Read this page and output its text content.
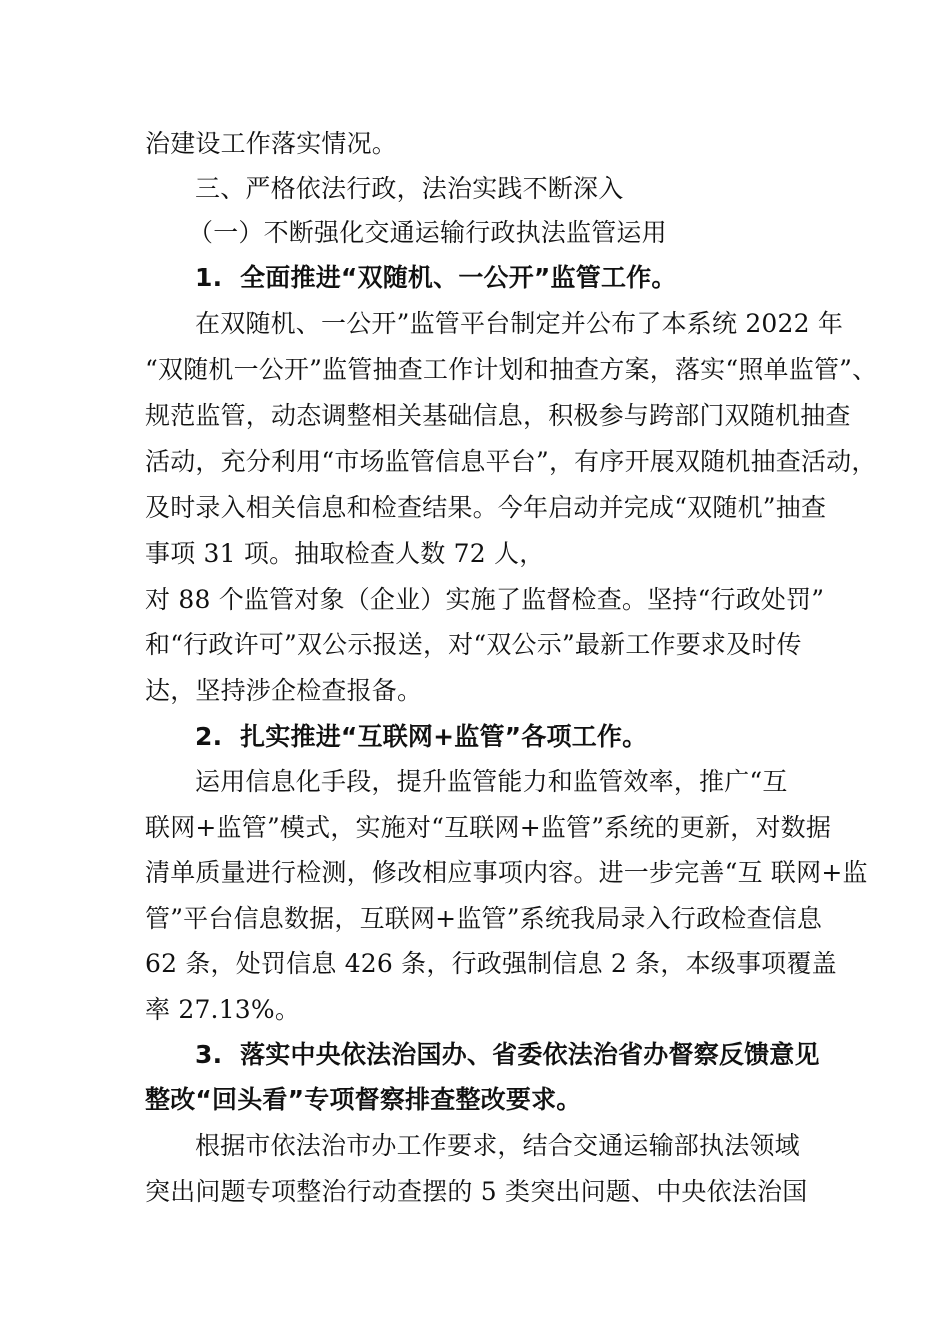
治建设工作落实情况。
三、严格依法行政，法治实践不断深入
（一）不断强化交通运输行政执法监管运用
1.  全面推进“双随机、一公开”监管工作。
在双随机、一公开”监管平台制定并公布了本系统 2022 年
“双随机一公开”监管抽查工作计划和抽查方案，落实“照单监管”、
规范监管，动态调整相关基础信息，积极参与跨部门双随机抽查
活动，充分利用“市场监管信息平台”，有序开展双随机抽查活动，
及时录入相关信息和检查结果。今年启动并完成“双随机”抽查
事项 31 项。抽取检查人数 72 人，
对 88 个监管对象（企业）实施了监督检查。坚持“行政处罚”
和“行政许可”双公示报送，对“双公示”最新工作要求及时传
达，坚持涉企检查报备。
2.  扎实推进“互联网+监管”各项工作。
运用信息化手段，提升监管能力和监管效率，推广“互
联网+监管”模式，实施对“互联网+监管”系统的更新，对数据
清单质量进行检测，修改相应事项内容。进一步完善“互 联网+监
管”平台信息数据，互联网+监管”系统我局录入行政检查信息
62 条，处罚信息 426 条，行政强制信息 2 条，本级事项覆盖
率 27.13%。
3.  落实中央依法治国办、省委依法治省办督察反馈意见
整改“回头看”专项督察排查整改要求。
根据市依法治市办工作要求，结合交通运输部执法领域
突出问题专项整治行动查摆的 5 类突出问题、中央依法治国
